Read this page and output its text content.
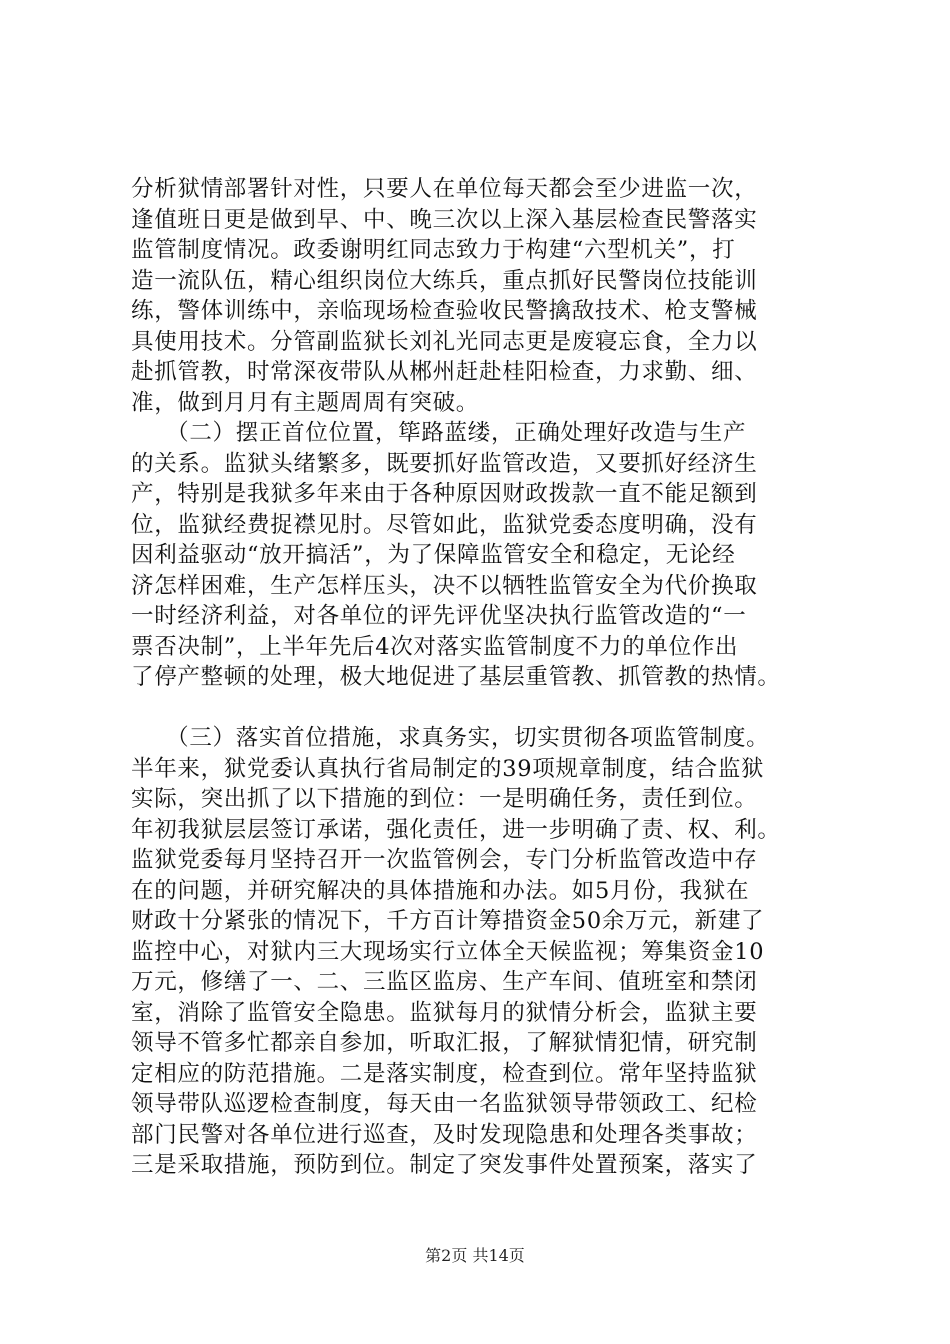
分析狱情部署针对性，只要人在单位每天都会至少进监一次，
逢值班日更是做到早、中、晚三次以上深入基层检查民警落实
监管制度情况。政委谢明红同志致力于构建“六型机关”，打
造一流队伍，精心组织岗位大练兵，重点抓好民警岗位技能训
练，警体训练中，亲临现场检查验收民警擒敌技术、枪支警械
具使用技术。分管副监狱长刘礼光同志更是废寝忘食，全力以
赴抓管教，时常深夜带队从郴州赶赴桂阳检查，力求勤、细、
准，做到月月有主题周周有突破。
　　（二）摆正首位位置，筚路蓝缕，正确处理好改造与生产
的关系。监狱头绪繁多，既要抓好监管改造，又要抓好经济生
产，特别是我狱多年来由于各种原因财政拨款一直不能足额到
位，监狱经费捉襟见肘。尽管如此，监狱党委态度明确，没有
因利益驱动“放开搞活”，为了保障监管安全和稳定，无论经
济怎样困难，生产怎样压头，决不以牺牲监管安全为代价换取
一时经济利益，对各单位的评先评优坚决执行监管改造的“一
票否决制”，上半年先后4次对落实监管制度不力的单位作出
了停产整顿的处理，极大地促进了基层重管教、抓管教的热情。
　　（三）落实首位措施，求真务实，切实贯彻各项监管制度。
半年来，狱党委认真执行省局制定的39项规章制度，结合监狱
实际，突出抓了以下措施的到位：一是明确任务，责任到位。
年初我狱层层签订承诺，强化责任，进一步明确了责、权、利。
监狱党委每月坚持召开一次监管例会，专门分析监管改造中存
在的问题，并研究解决的具体措施和办法。如5月份，我狱在
财政十分紧张的情况下，千方百计筹措资金50余万元，新建了
监控中心，对狱内三大现场实行立体全天候监视；筹集资金10
万元，修缮了一、二、三监区监房、生产车间、值班室和禁闭
室，消除了监管安全隐患。监狱每月的狱情分析会，监狱主要
领导不管多忙都亲自参加，听取汇报，了解狱情犯情，研究制
定相应的防范措施。二是落实制度，检查到位。常年坚持监狱
领导带队巡逻检查制度，每天由一名监狱领导带领政工、纪检
部门民警对各单位进行巡查，及时发现隐患和处理各类事故；
三是采取措施，预防到位。制定了突发事件处置预案，落实了
第2页 共14页
